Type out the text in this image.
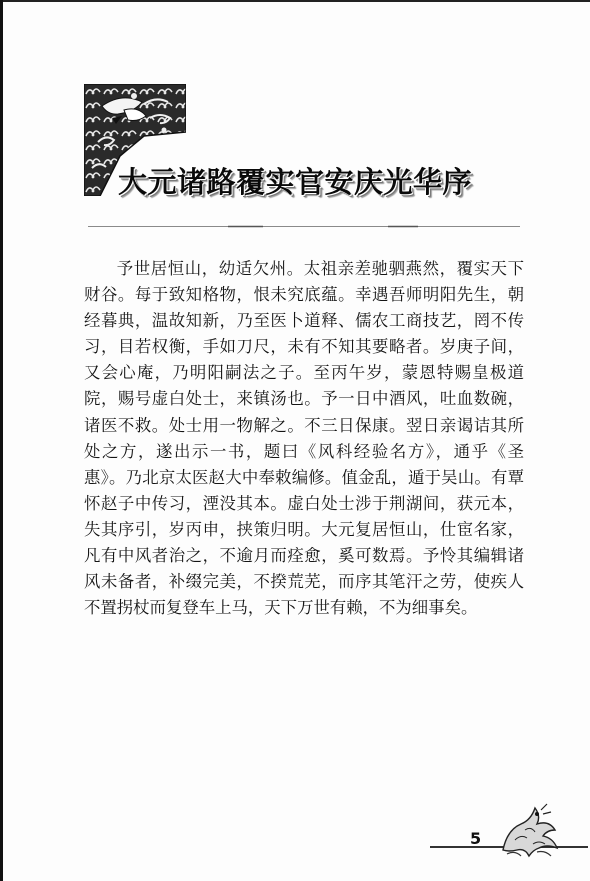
大元诸路覆实官安庆光华序

予世居恒山，幼适欠州。太祖亲差驰驷燕然，覆实天下财谷。每于致知格物，恨未究底蕴。幸遇吾师明阳先生，朝经暮典，温故知新，乃至医卜道释、儒农工商技艺，罔不传习，目若权衡，手如刀尺，未有不知其要略者。岁庚子间，又会心庵，乃明阳嗣法之子。至丙午岁，蒙恩特赐皇极道院，赐号虚白处士，来镇汤也。予一日中酒风，吐血数碗，诸医不救。处士用一物解之。不三日保康。翌日亲谒诘其所处之方，遂出示一书，题曰《风科经验名方》，通乎《圣惠》。乃北京太医赵大中奉敕编修。值金乱，遁于吴山。有覃怀赵子中传习，湮没其本。虚白处士涉于荆湖间，获元本，失其序引，岁丙申，挟策归明。大元复居恒山，仕宦名家，凡有中风者治之，不逾月而痊愈，奚可数焉。予怜其编辑诸风未备者，补缀完美，不揆荒芜，而序其笔汗之劳，使疾人不置拐杖而复登车上马，天下万世有赖，不为细事矣。

5
